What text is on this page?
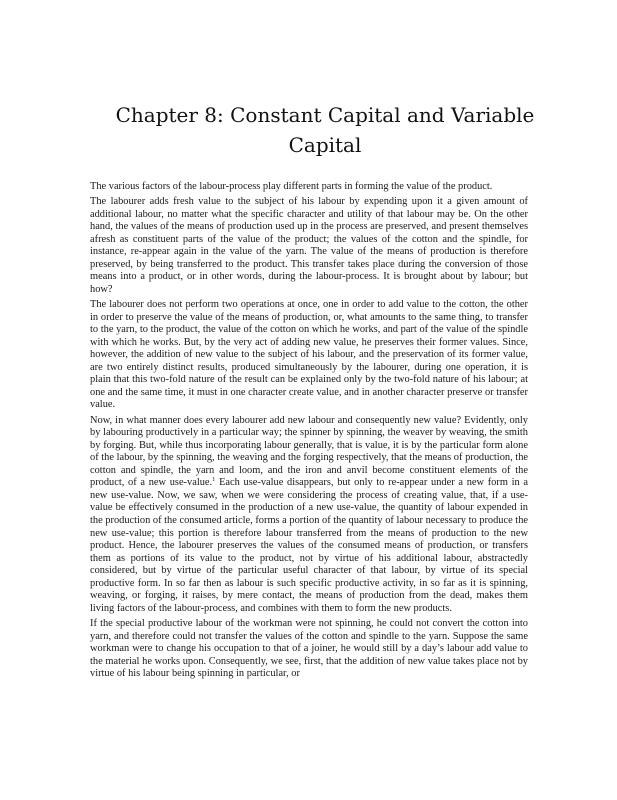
Chapter 8: Constant Capital and Variable Capital

The various factors of the labour-process play different parts in forming the value of the product.

The labourer adds fresh value to the subject of his labour by expending upon it a given amount of additional labour, no matter what the specific character and utility of that labour may be. On the other hand, the values of the means of production used up in the process are preserved, and present themselves afresh as constituent parts of the value of the product; the values of the cotton and the spindle, for instance, re-appear again in the value of the yarn. The value of the means of production is therefore preserved, by being transferred to the product. This transfer takes place during the conversion of those means into a product, or in other words, during the labour-process. It is brought about by labour; but how?

The labourer does not perform two operations at once, one in order to add value to the cotton, the other in order to preserve the value of the means of production, or, what amounts to the same thing, to transfer to the yarn, to the product, the value of the cotton on which he works, and part of the value of the spindle with which he works. But, by the very act of adding new value, he preserves their former values. Since, however, the addition of new value to the subject of his labour, and the preservation of its former value, are two entirely distinct results, produced simultaneously by the labourer, during one operation, it is plain that this two-fold nature of the result can be explained only by the two-fold nature of his labour; at one and the same time, it must in one character create value, and in another character preserve or transfer value.

Now, in what manner does every labourer add new labour and consequently new value? Evidently, only by labouring productively in a particular way; the spinner by spinning, the weaver by weaving, the smith by forging. But, while thus incorporating labour generally, that is value, it is by the particular form alone of the labour, by the spinning, the weaving and the forging respectively, that the means of production, the cotton and spindle, the yarn and loom, and the iron and anvil become constituent elements of the product, of a new use-value.$^1$ Each use-value disappears, but only to re-appear under a new form in a new use-value. Now, we saw, when we were considering the process of creating value, that, if a use-value be effectively consumed in the production of a new use-value, the quantity of labour expended in the production of the consumed article, forms a portion of the quantity of labour necessary to produce the new use-value; this portion is therefore labour transferred from the means of production to the new product. Hence, the labourer preserves the values of the consumed means of production, or transfers them as portions of its value to the product, not by virtue of his additional labour, abstractedly considered, but by virtue of the particular useful character of that labour, by virtue of its special productive form. In so far then as labour is such specific productive activity, in so far as it is spinning, weaving, or forging, it raises, by mere contact, the means of production from the dead, makes them living factors of the labour-process, and combines with them to form the new products.

If the special productive labour of the workman were not spinning, he could not convert the cotton into yarn, and therefore could not transfer the values of the cotton and spindle to the yarn. Suppose the same workman were to change his occupation to that of a joiner, he would still by a day’s labour add value to the material he works upon. Consequently, we see, first, that the addition of new value takes place not by virtue of his labour being spinning in particular, or
